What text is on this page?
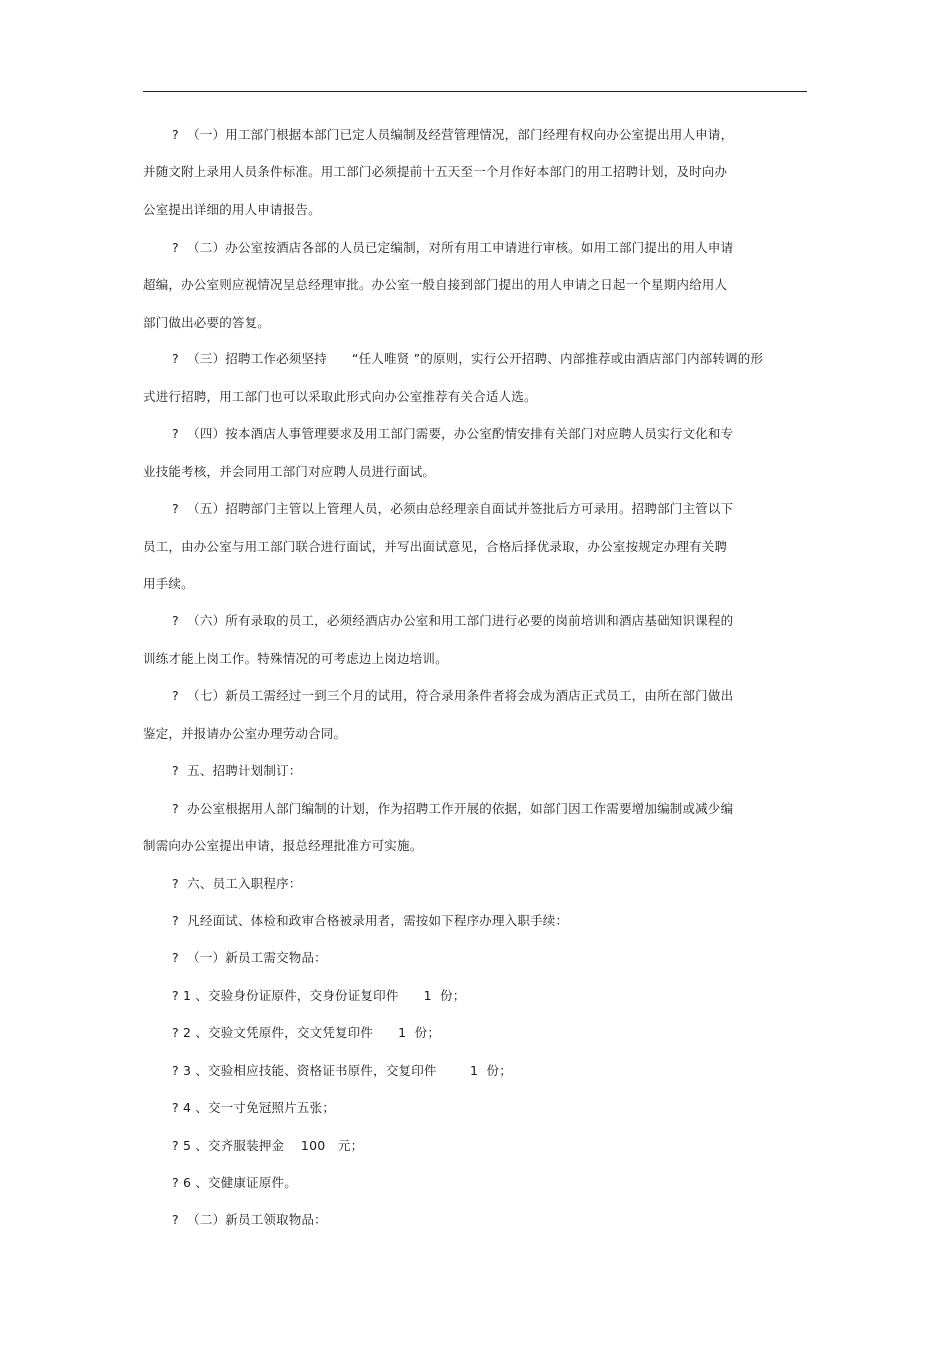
?  （一）用工部门根据本部门已定人员编制及经营管理情况，部门经理有权向办公室提出用人申请，
并随文附上录用人员条件标准。用工部门必须提前十五天至一个月作好本部门的用工招聘计划，及时向办
公室提出详细的用人申请报告。
?  （二）办公室按酒店各部的人员已定编制，对所有用工申请进行审核。如用工部门提出的用人申请
超编，办公室则应视情况呈总经理审批。办公室一般自接到部门提出的用人申请之日起一个星期内给用人
部门做出必要的答复。
?  （三）招聘工作必须坚持      “任人唯贤 ”的原则，实行公开招聘、内部推荐或由酒店部门内部转调的形
式进行招聘，用工部门也可以采取此形式向办公室推荐有关合适人选。
?  （四）按本酒店人事管理要求及用工部门需要，办公室酌情安排有关部门对应聘人员实行文化和专
业技能考核，并会同用工部门对应聘人员进行面试。
?  （五）招聘部门主管以上管理人员，必须由总经理亲自面试并签批后方可录用。招聘部门主管以下
员工，由办公室与用工部门联合进行面试，并写出面试意见，合格后择优录取，办公室按规定办理有关聘
用手续。
?  （六）所有录取的员工，必须经酒店办公室和用工部门进行必要的岗前培训和酒店基础知识课程的
训练才能上岗工作。特殊情况的可考虑边上岗边培训。
?  （七）新员工需经过一到三个月的试用，符合录用条件者将会成为酒店正式员工，由所在部门做出
鉴定，并报请办公室办理劳动合同。
?  五、招聘计划制订：
?  办公室根据用人部门编制的计划，作为招聘工作开展的依据，如部门因工作需要增加编制或减少编
制需向办公室提出申请，报总经理批准方可实施。
?  六、员工入职程序：
?  凡经面试、体检和政审合格被录用者，需按如下程序办理入职手续：
?  （一）新员工需交物品：
? 1 、交验身份证原件，交身份证复印件      1  份；
? 2 、交验文凭原件，交文凭复印件      1  份；
? 3 、交验相应技能、资格证书原件，交复印件        1  份；
? 4 、交一寸免冠照片五张；
? 5 、交齐服装押金    100   元；
? 6 、交健康证原件。
?  （二）新员工领取物品：
